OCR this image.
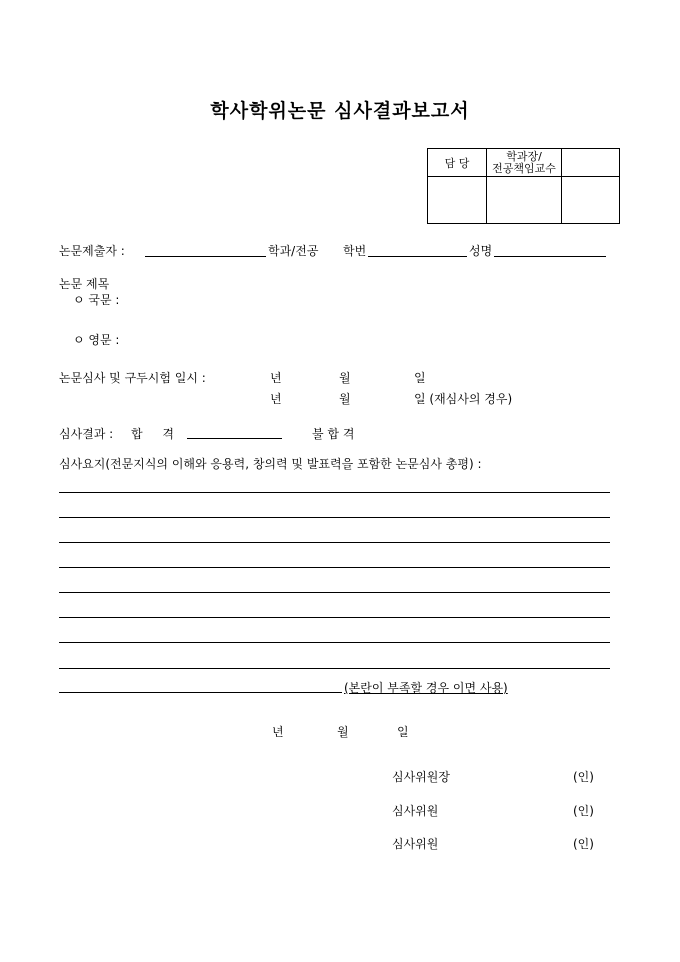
학사학위논문 심사결과보고서
담 당	학과장/
전공책임교수	

논문제출자 :	학과/전공 학번	성명
논문 제목
ㅇ 국문 :
ㅇ 영문 :
논문심사 및 구두시험 일시 :	년	월	일
년	월	일 (재심사의 경우)
심사결과 : 합 격	불 합 격
심사요지(전문지식의 이해와 응용력, 창의력 및 발표력을 포함한 논문심사 총평) :
(본란이 부족할 경우 이면 사용)
년	월	일
심사위원장	(인)
심사위원	(인)
심사위원	(인)
